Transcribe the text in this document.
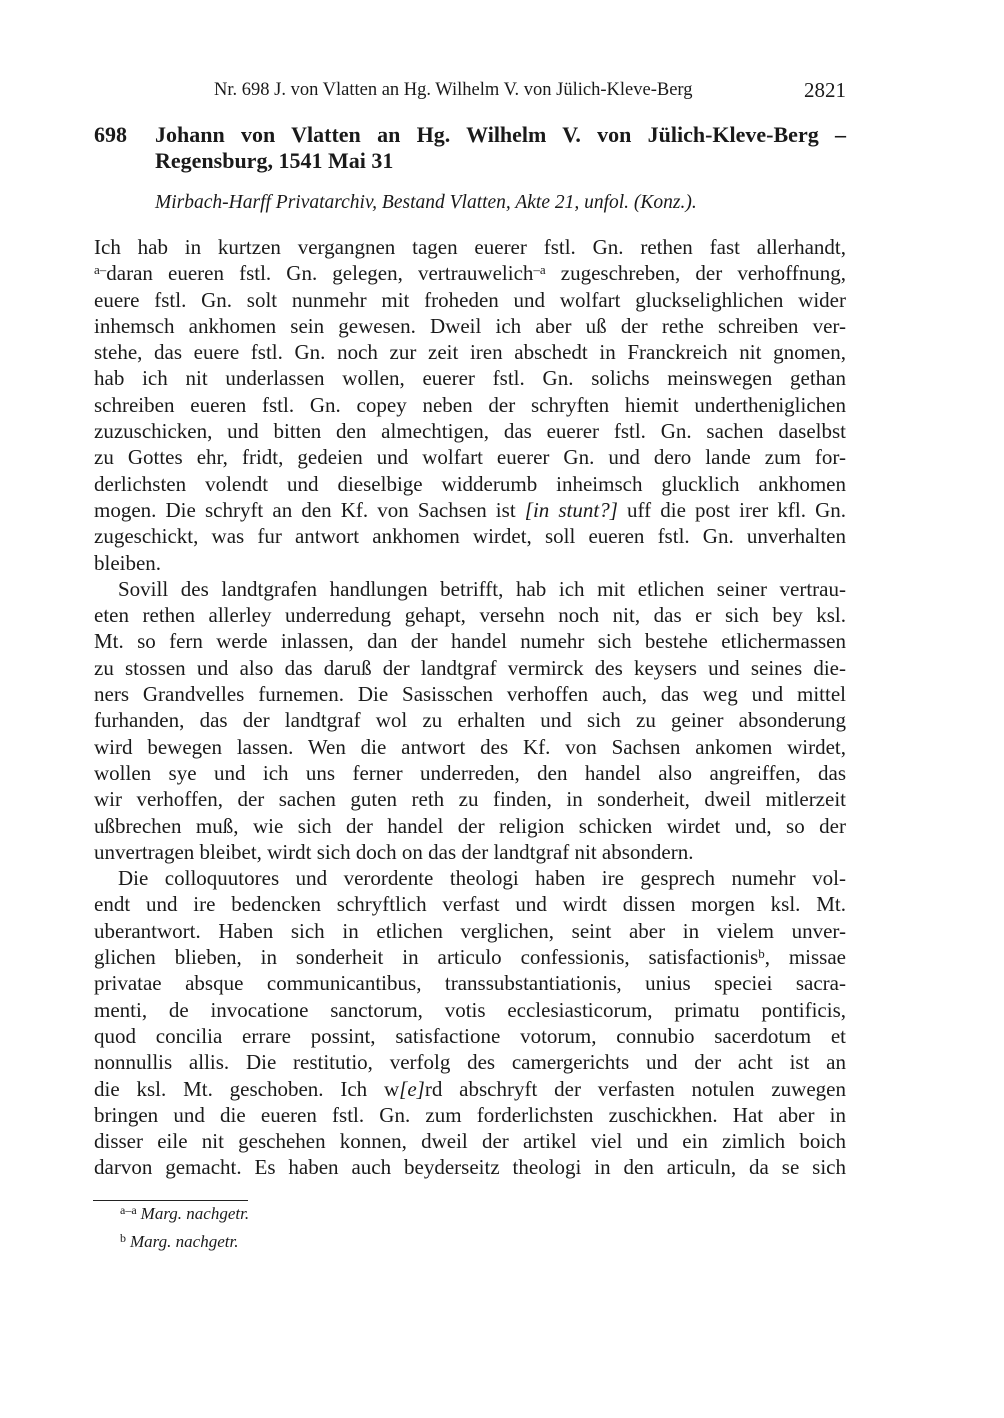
Nr. 698 J. von Vlatten an Hg. Wilhelm V. von Jülich-Kleve-Berg	2821
698 Johann von Vlatten an Hg. Wilhelm V. von Jülich-Kleve-Berg – Regensburg, 1541 Mai 31
Mirbach-Harff Privatarchiv, Bestand Vlatten, Akte 21, unfol. (Konz.).
Ich hab in kurtzen vergangnen tagen euerer fstl. Gn. rethen fast allerhandt,
$^{a-}$daran eueren fstl. Gn. gelegen, vertrauwelich$^{-a}$ zugeschreben, der verhoffnung,
euere fstl. Gn. solt nunmehr mit froheden und wolfart gluckselighlichen wider
inhemsch ankhomen sein gewesen. Dweil ich aber uß der rethe schreiben ver-
stehe, das euere fstl. Gn. noch zur zeit iren abschedt in Franckreich nit gnomen,
hab ich nit underlassen wollen, euerer fstl. Gn. solichs meinswegen gethan
schreiben eueren fstl. Gn. copey neben der schryften hiemit undertheniglichen
zuzuschicken, und bitten den almechtigen, das euerer fstl. Gn. sachen daselbst
zu Gottes ehr, fridt, gedeien und wolfart euerer Gn. und dero lande zum for-
derlichsten volendt und dieselbige widderumb inheimsch glucklich ankhomen
mogen. Die schryft an den Kf. von Sachsen ist [in stunt?] uff die post irer kfl. Gn.
zugeschickt, was fur antwort ankhomen wirdet, soll eueren fstl. Gn. unverhalten
bleiben.
Sovill des landtgrafen handlungen betrifft, hab ich mit etlichen seiner vertrau-
eten rethen allerley underredung gehapt, versehn noch nit, das er sich bey ksl.
Mt. so fern werde inlassen, dan der handel numehr sich bestehe etlichermassen
zu stossen und also das daruß der landtgraf vermirck des keysers und seines die-
ners Grandvelles furnemen. Die Sasisschen verhoffen auch, das weg und mittel
furhanden, das der landtgraf wol zu erhalten und sich zu geiner absonderung
wird bewegen lassen. Wen die antwort des Kf. von Sachsen ankomen wirdet,
wollen sye und ich uns ferner underreden, den handel also angreiffen, das
wir verhoffen, der sachen guten reth zu finden, in sonderheit, dweil mitlerzeit
ußbrechen muß, wie sich der handel der religion schicken wirdet und, so der
unvertragen bleibet, wirdt sich doch on das der landtgraf nit absondern.
Die colloquutores und verordente theologi haben ire gesprech numehr vol-
endt und ire bedencken schryftlich verfast und wirdt dissen morgen ksl. Mt.
uberantwort. Haben sich in etlichen verglichen, seint aber in vielem unver-
glichen blieben, in sonderheit in articulo confessionis, satisfactionis$^b$, missae
privatae absque communicantibus, transsubstantiationis, unius speciei sacra-
menti, de invocatione sanctorum, votis ecclesiasticorum, primatu pontificis,
quod concilia errare possint, satisfactione votorum, connubio sacerdotum et
nonnullis allis. Die restitutio, verfolg des camergerichts und der acht ist an
die ksl. Mt. geschoben. Ich w[e]rd abschryft der verfasten notulen zuwegen
bringen und die eueren fstl. Gn. zum forderlichsten zuschickhen. Hat aber in
disser eile nit geschehen konnen, dweil der artikel viel und ein zimlich boich
darvon gemacht. Es haben auch beyderseitz theologi in den articuln, da se sich
$^{a-a}$ Marg. nachgetr.
$^b$ Marg. nachgetr.
